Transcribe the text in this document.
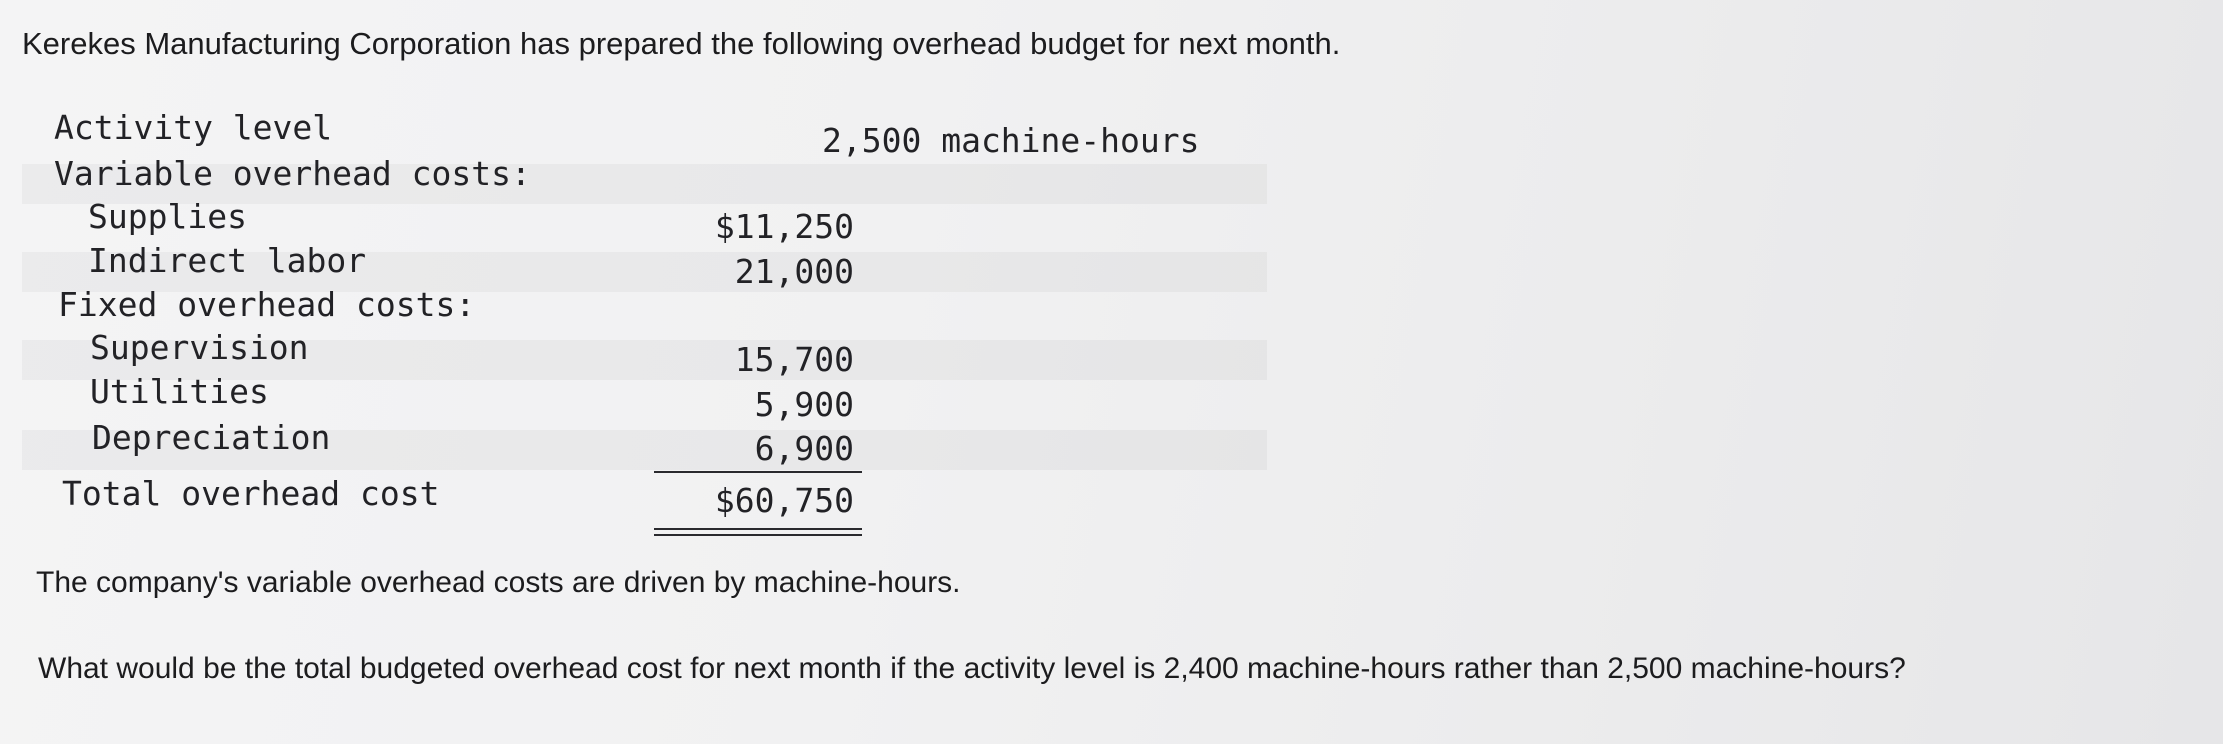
Kerekes Manufacturing Corporation has prepared the following overhead budget for next month.
Activity level	2,500 machine-hours
Variable overhead costs:
Supplies	$11,250
Indirect labor	21,000
Fixed overhead costs:
Supervision	15,700
Utilities	5,900
Depreciation	6,900
Total overhead cost	$60,750
The company's variable overhead costs are driven by machine-hours.
What would be the total budgeted overhead cost for next month if the activity level is 2,400 machine-hours rather than 2,500 machine-hours?
